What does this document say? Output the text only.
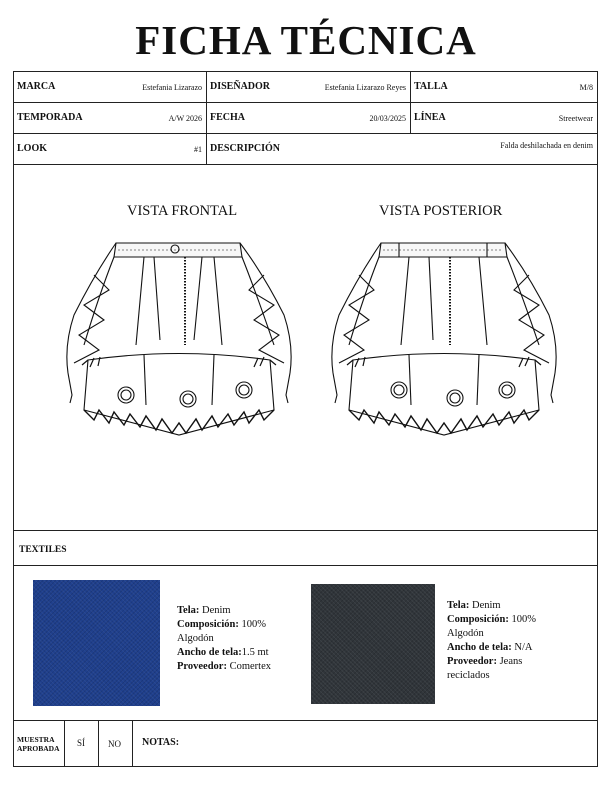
FICHA TÉCNICA
MARCA	Estefania Lizarazo DISEÑADOR	Estefania Lizarazo Reyes TALLA	M/8
TEMPORADA	A/W 2026 FECHA	20/03/2025 LÍNEA	Streetwear
LOOK	#1 DESCRIPCIÓN	Falda deshilachada en denim
VISTA FRONTAL	VISTA POSTERIOR
TEXTILES
Tela: Denim
Composición: 100%
Algodón
Ancho de tela:1.5 mt
Proveedor: Comertex
Tela: Denim
Composición: 100%
Algodón
Ancho de tela: N/A
Proveedor: Jeans
reciclados
MUESTRA
APROBADA
SÍ	NO NOTAS:
